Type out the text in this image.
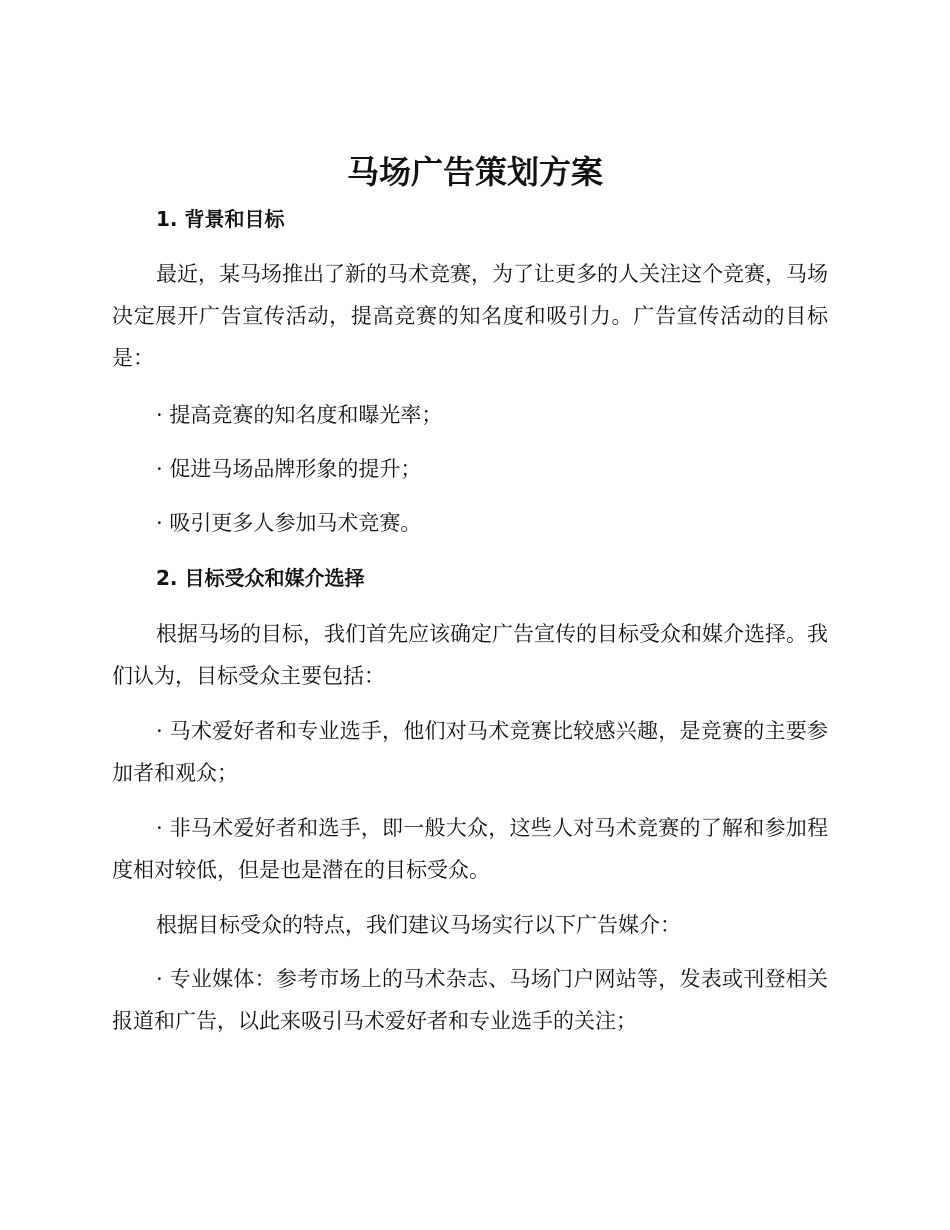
马场广告策划方案
1. 背景和目标

最近，某马场推出了新的马术竞赛，为了让更多的人关注这个竞赛，马场决定展开广告宣传活动，提高竞赛的知名度和吸引力。广告宣传活动的目标是：

· 提高竞赛的知名度和曝光率；

· 促进马场品牌形象的提升；

· 吸引更多人参加马术竞赛。

2. 目标受众和媒介选择

根据马场的目标，我们首先应该确定广告宣传的目标受众和媒介选择。我们认为，目标受众主要包括：

· 马术爱好者和专业选手，他们对马术竞赛比较感兴趣，是竞赛的主要参加者和观众；

· 非马术爱好者和选手，即一般大众，这些人对马术竞赛的了解和参加程度相对较低，但是也是潜在的目标受众。

根据目标受众的特点，我们建议马场实行以下广告媒介：

· 专业媒体：参考市场上的马术杂志、马场门户网站等，发表或刊登相关报道和广告，以此来吸引马术爱好者和专业选手的关注；
